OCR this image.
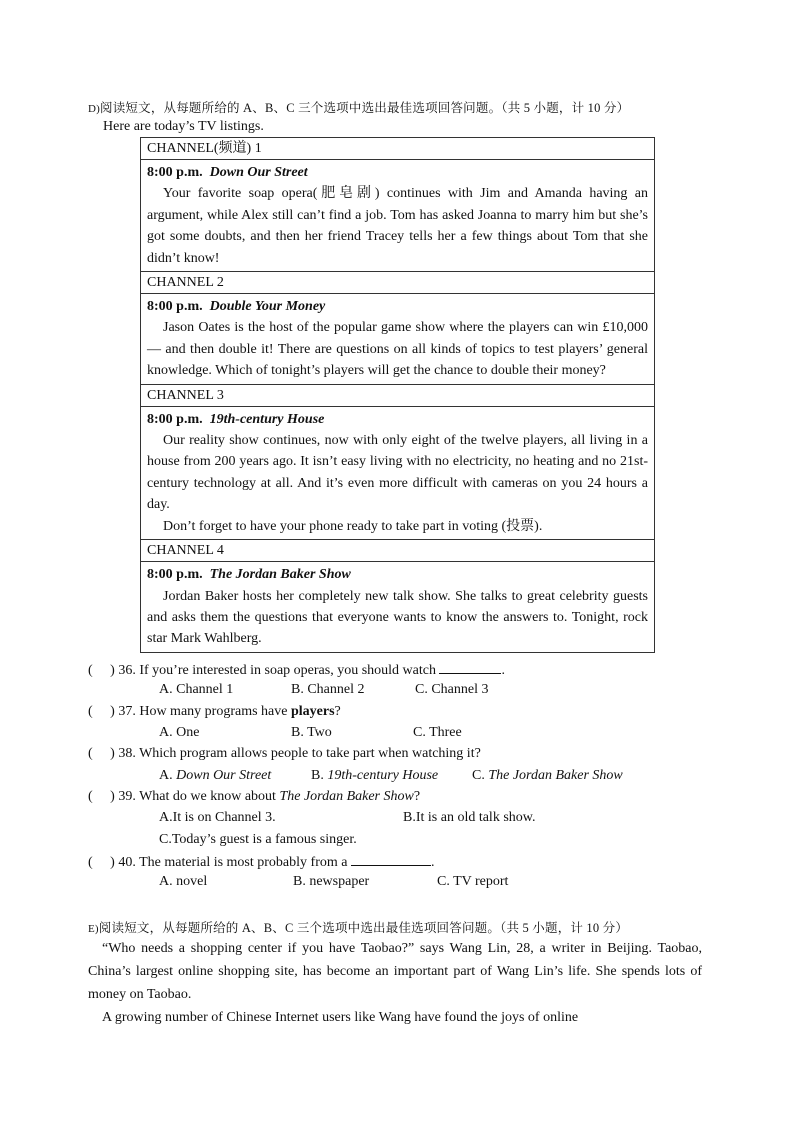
D)阅读短文，从每题所给的 A、B、C 三个选项中选出最佳选项回答问题。（共 5 小题，计 10 分）
Here are today’s TV listings.
CHANNEL(频道) 1

8:00 p.m. Down Our Street
Your favorite soap opera(肥皂剧) continues with Jim and Amanda having an argument, while Alex still can’t find a job. Tom has asked Joanna to marry him but she’s got some doubts, and then her friend Tracey tells her a few things about Tom that she didn’t know!

CHANNEL 2

8:00 p.m. Double Your Money
Jason Oates is the host of the popular game show where the players can win £10,000 — and then double it! There are questions on all kinds of topics to test players’ general knowledge. Which of tonight’s players will get the chance to double their money?

CHANNEL 3

8:00 p.m. 19th-century House
Our reality show continues, now with only eight of the twelve players, all living in a house from 200 years ago. It isn’t easy living with no electricity, no heating and no 21st-century technology at all. And it’s even more difficult with cameras on you 24 hours a day.
Don’t forget to have your phone ready to take part in voting (投票).

CHANNEL 4

8:00 p.m. The Jordan Baker Show
Jordan Baker hosts her completely new talk show. She talks to great celebrity guests and asks them the questions that everyone wants to know the answers to. Tonight, rock star Mark Wahlberg.
(     ) 36. If you’re interested in soap operas, you should watch	.
A. Channel 1	B. Channel 2	C. Channel 3
(     ) 37. How many programs have players?
A. One	B. Two	C. Three
(     ) 38. Which program allows people to take part when watching it?
A. Down Our Street	B. 19th-century House C. The Jordan Baker Show
(     ) 39. What do we know about The Jordan Baker Show?
A.It is on Channel 3.	B.It is an old talk show.
C.Today’s guest is a famous singer.
(     ) 40. The material is most probably from a	.
A. novel	B. newspaper	C. TV report
E)阅读短文，从每题所给的 A、B、C 三个选项中选出最佳选项回答问题。（共 5 小题，计 10 分）

“Who needs a shopping center if you have Taobao?” says Wang Lin, 28, a writer in Beijing. Taobao, China’s largest online shopping site, has become an important part of Wang Lin’s life. She spends lots of money on Taobao.

A growing number of Chinese Internet users like Wang have found the joys of online
